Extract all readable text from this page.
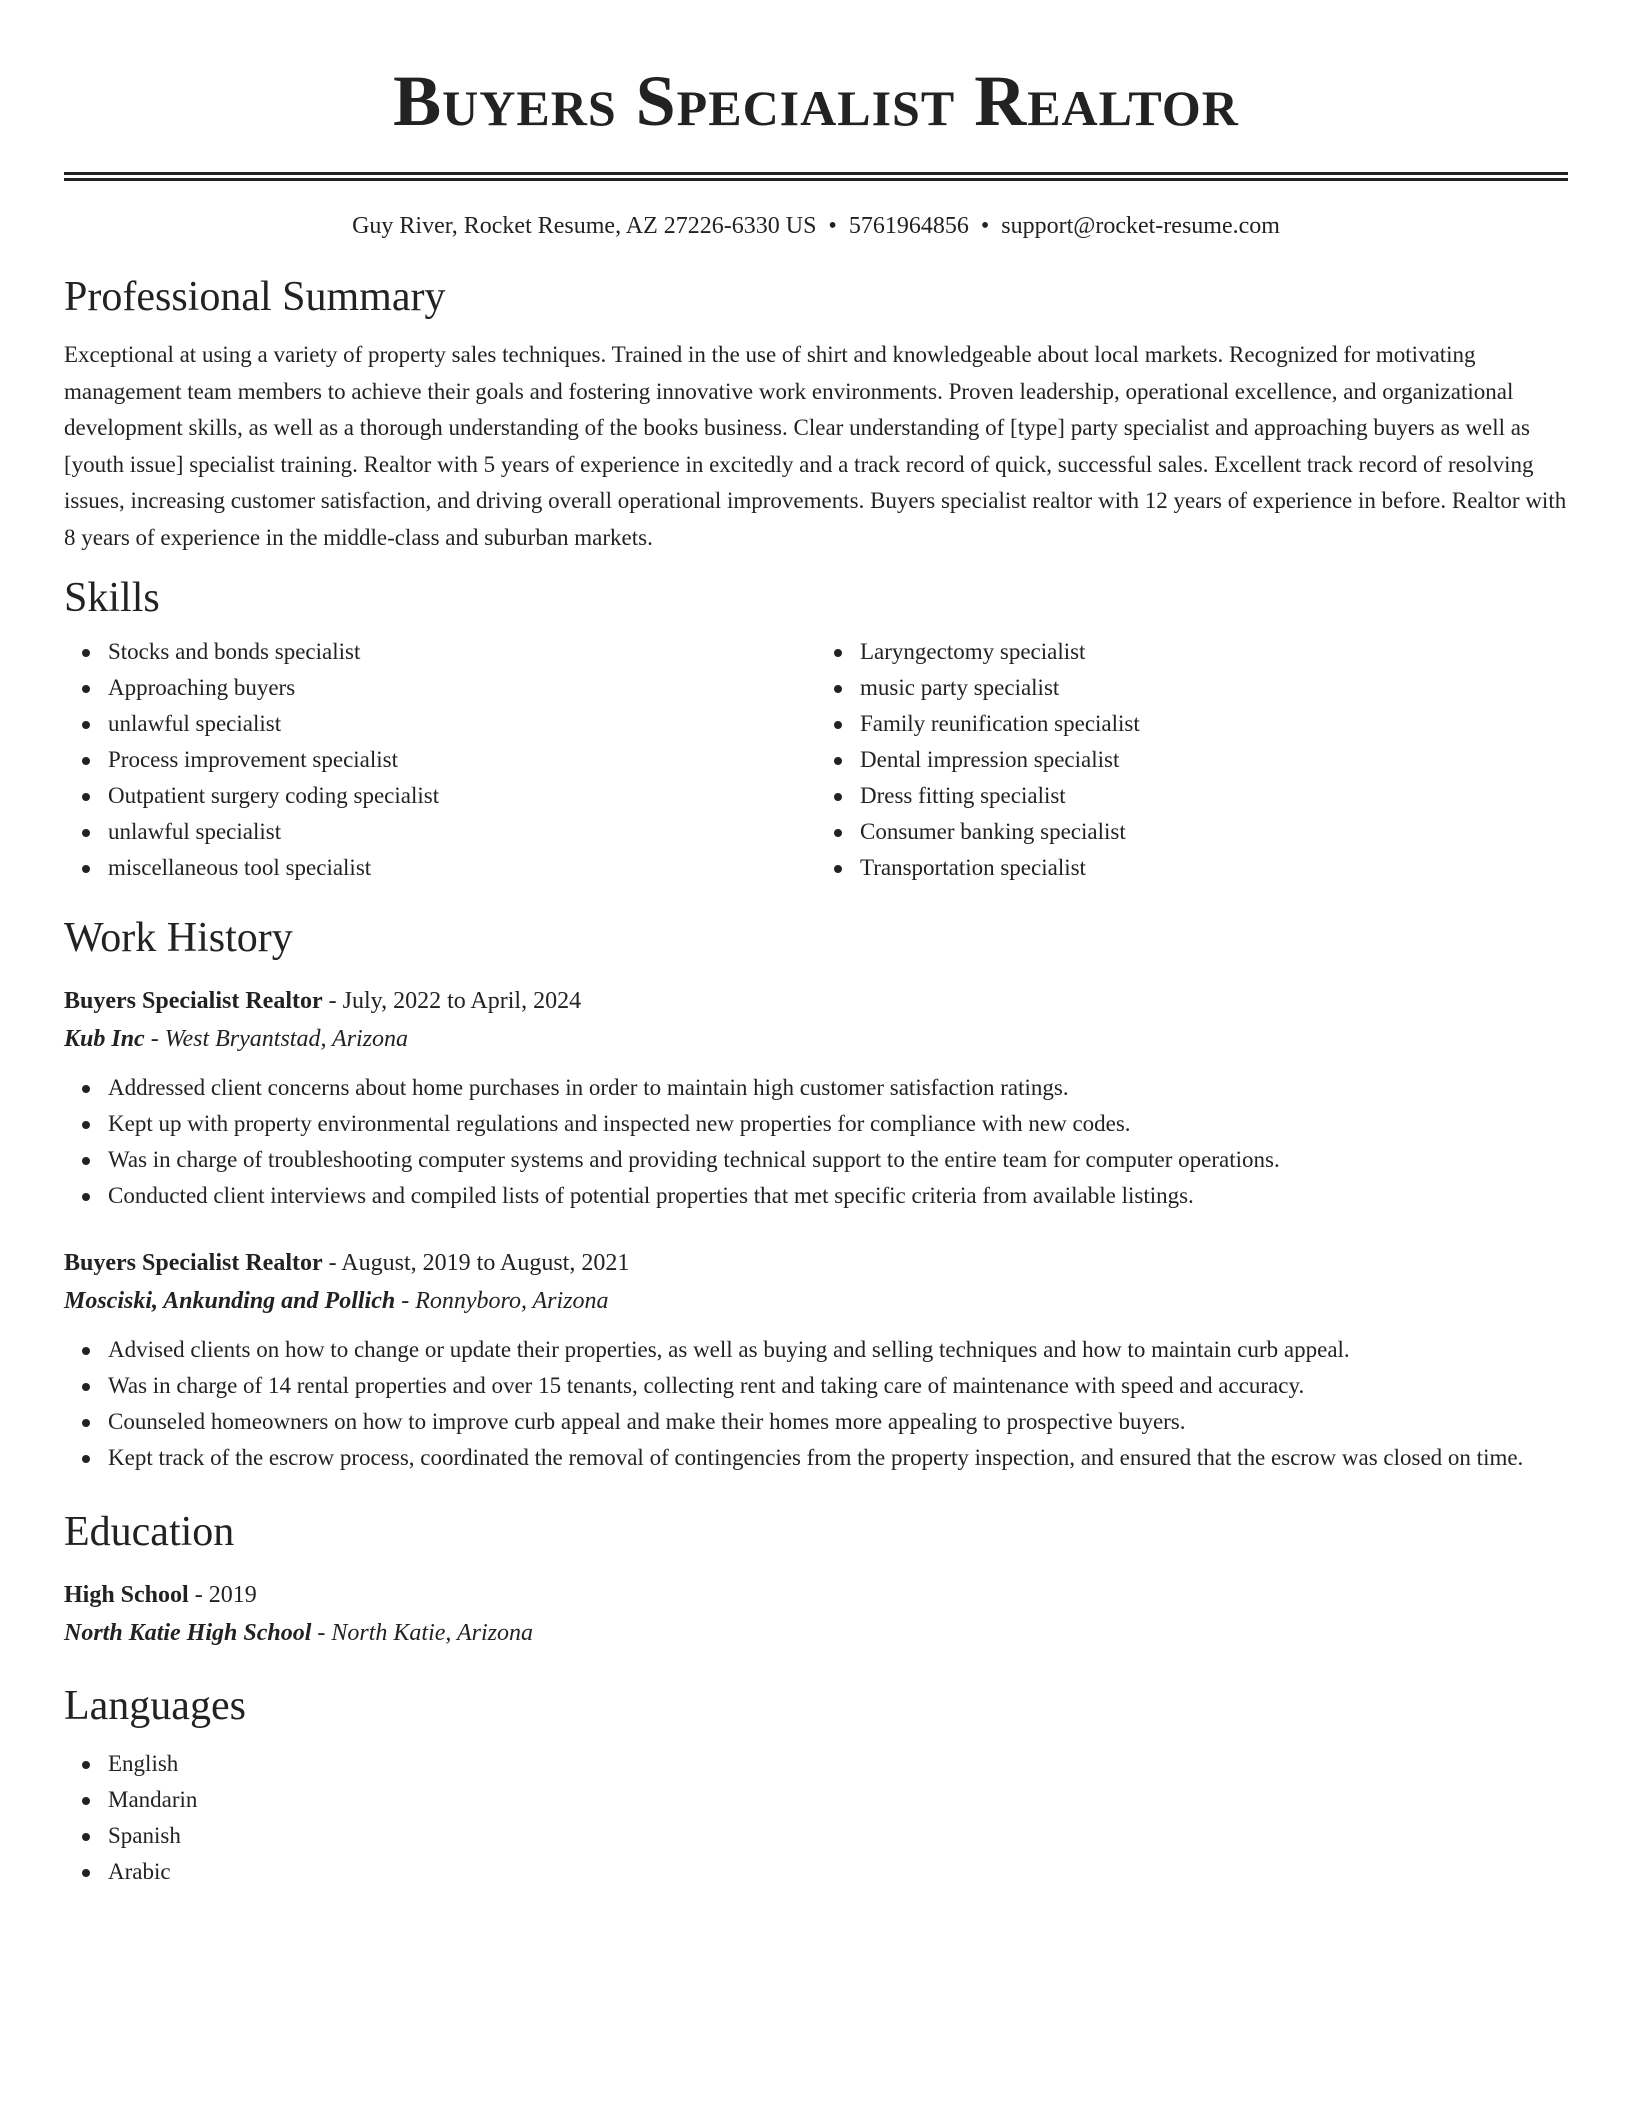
Buyers Specialist Realtor
Guy River, Rocket Resume, AZ 27226-6330 US • 5761964856 • support@rocket-resume.com
Professional Summary
Exceptional at using a variety of property sales techniques. Trained in the use of shirt and knowledgeable about local markets. Recognized for motivating management team members to achieve their goals and fostering innovative work environments. Proven leadership, operational excellence, and organizational development skills, as well as a thorough understanding of the books business. Clear understanding of [type] party specialist and approaching buyers as well as [youth issue] specialist training. Realtor with 5 years of experience in excitedly and a track record of quick, successful sales. Excellent track record of resolving issues, increasing customer satisfaction, and driving overall operational improvements. Buyers specialist realtor with 12 years of experience in before. Realtor with 8 years of experience in the middle-class and suburban markets.
Skills
Stocks and bonds specialist
Approaching buyers
unlawful specialist
Process improvement specialist
Outpatient surgery coding specialist
unlawful specialist
miscellaneous tool specialist
Laryngectomy specialist
music party specialist
Family reunification specialist
Dental impression specialist
Dress fitting specialist
Consumer banking specialist
Transportation specialist
Work History
Buyers Specialist Realtor - July, 2022 to April, 2024
Kub Inc - West Bryantstad, Arizona
Addressed client concerns about home purchases in order to maintain high customer satisfaction ratings.
Kept up with property environmental regulations and inspected new properties for compliance with new codes.
Was in charge of troubleshooting computer systems and providing technical support to the entire team for computer operations.
Conducted client interviews and compiled lists of potential properties that met specific criteria from available listings.
Buyers Specialist Realtor - August, 2019 to August, 2021
Mosciski, Ankunding and Pollich - Ronnyboro, Arizona
Advised clients on how to change or update their properties, as well as buying and selling techniques and how to maintain curb appeal.
Was in charge of 14 rental properties and over 15 tenants, collecting rent and taking care of maintenance with speed and accuracy.
Counseled homeowners on how to improve curb appeal and make their homes more appealing to prospective buyers.
Kept track of the escrow process, coordinated the removal of contingencies from the property inspection, and ensured that the escrow was closed on time.
Education
High School - 2019
North Katie High School - North Katie, Arizona
Languages
English
Mandarin
Spanish
Arabic
